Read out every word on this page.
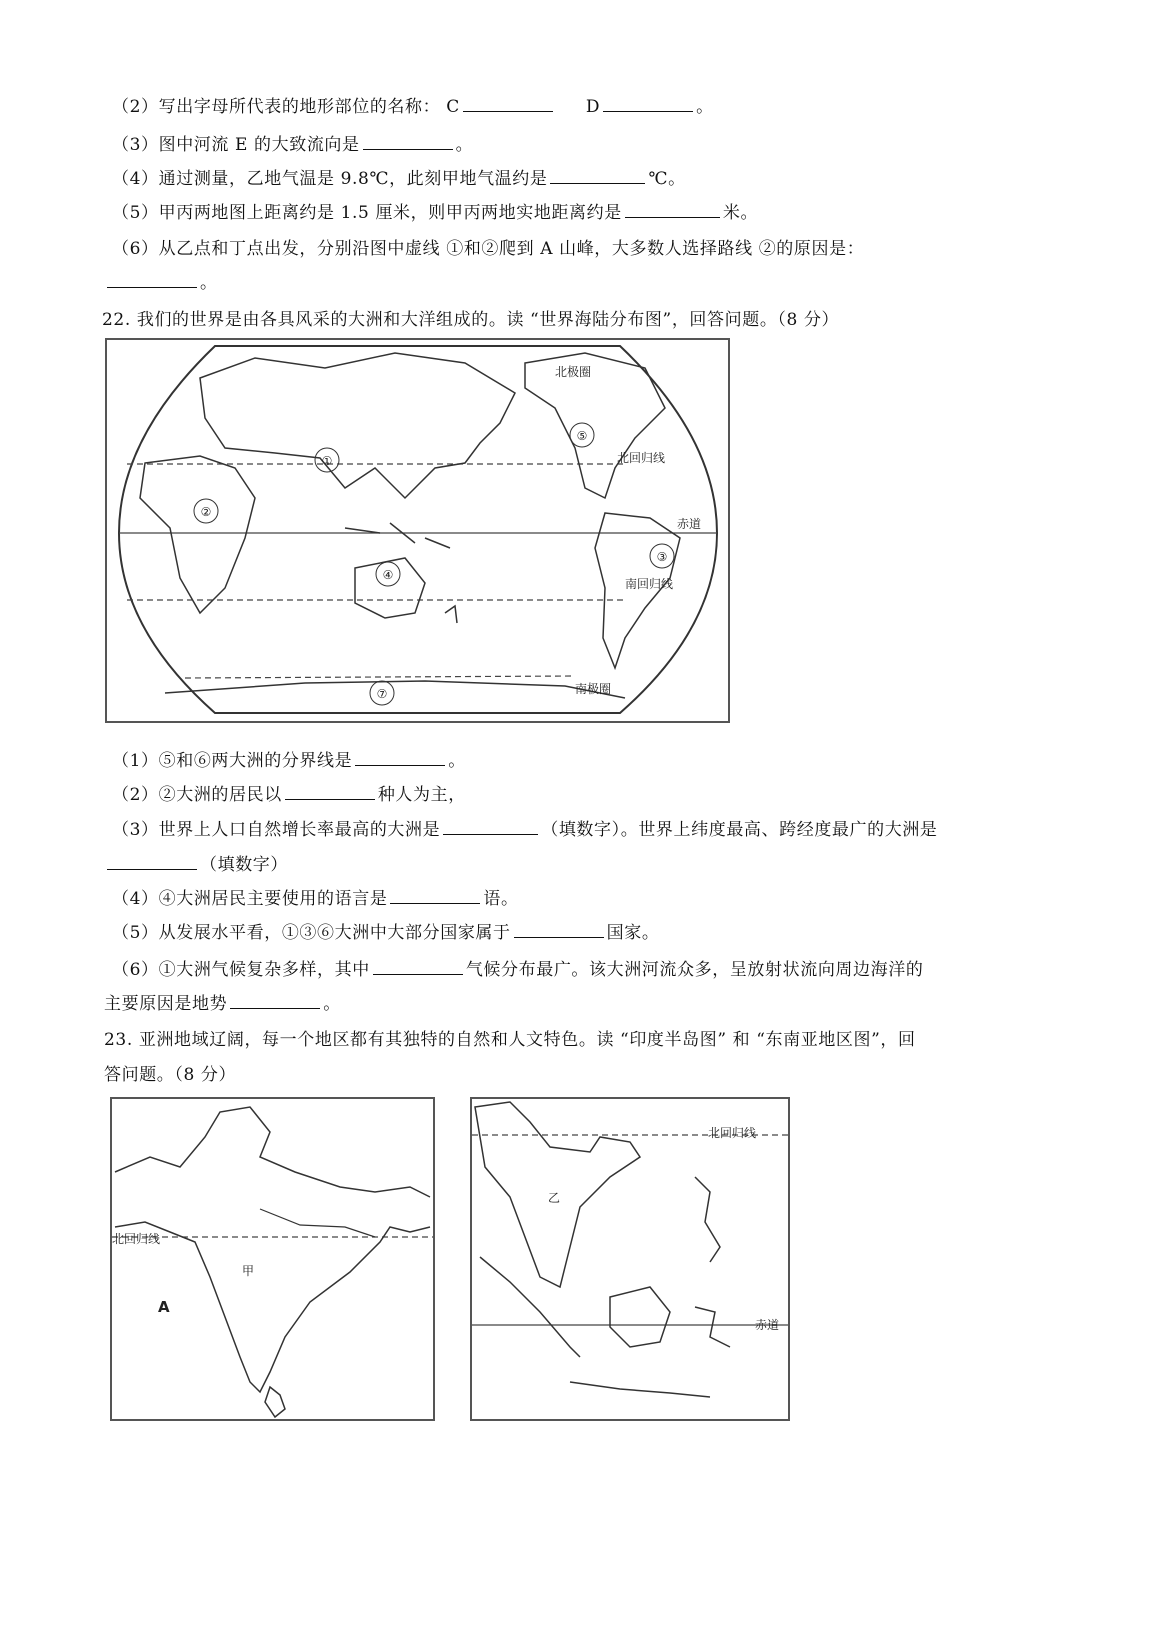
（2）写出字母所代表的地形部位的名称： C	D	。
（3）图中河流 E 的大致流向是	。
（4）通过测量，乙地气温是 9.8℃，此刻甲地气温约是	℃。
（5）甲丙两地图上距离约是 1.5 厘米，则甲丙两地实地距离约是	米。
（6）从乙点和丁点出发，分别沿图中虚线 ①和②爬到 A 山峰，大多数人选择路线 ②的原因是：
。
22. 我们的世界是由各具风采的大洲和大洋组成的。读 “世界海陆分布图”，回答问题。（8 分）
①
②
③
④
⑤
⑦
北极圈
北回归线
赤道
南回归线
南极圈
（1）⑤和⑥两大洲的分界线是	。
（2）②大洲的居民以	种人为主，
（3）世界上人口自然增长率最高的大洲是	（填数字）。世界上纬度最高、跨经度最广的大洲是
（填数字）
（4）④大洲居民主要使用的语言是	语。
（5）从发展水平看，①③⑥大洲中大部分国家属于	国家。
（6）①大洲气候复杂多样，其中	气候分布最广。该大洲河流众多，呈放射状流向周边海洋的
主要原因是地势	。
23. 亚洲地域辽阔，每一个地区都有其独特的自然和人文特色。读 “印度半岛图” 和 “东南亚地区图”，回
答问题。（8 分）
北回归线
甲
A
北回归线
乙
赤道
